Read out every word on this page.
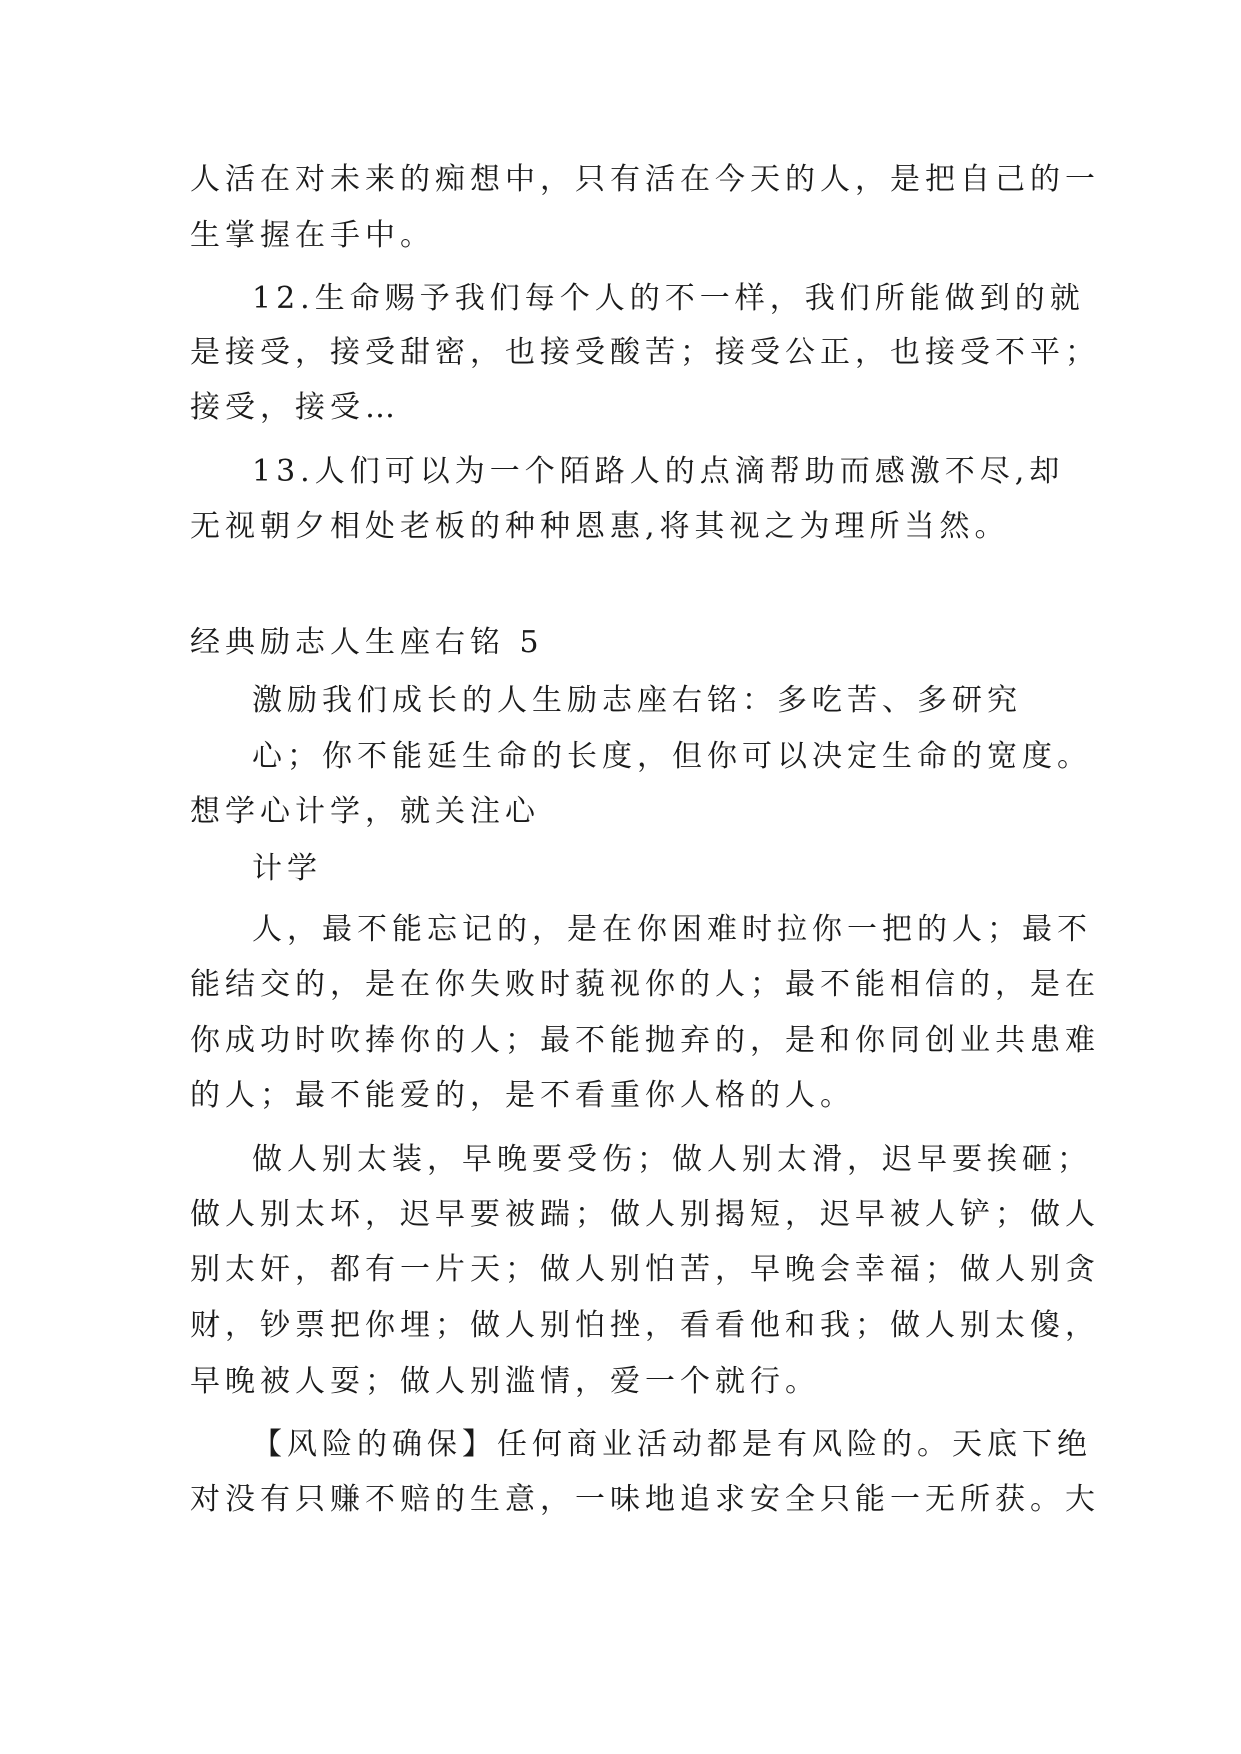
人活在对未来的痴想中，只有活在今天的人，是把自己的一
生掌握在手中。
12.生命赐予我们每个人的不一样，我们所能做到的就
是接受，接受甜密，也接受酸苦；接受公正，也接受不平；
接受，接受…
13.人们可以为一个陌路人的点滴帮助而感激不尽,却
无视朝夕相处老板的种种恩惠,将其视之为理所当然。
经典励志人生座右铭 5
激励我们成长的人生励志座右铭：多吃苦、多研究
心；你不能延生命的长度，但你可以决定生命的宽度。
想学心计学，就关注心
计学
人，最不能忘记的，是在你困难时拉你一把的人；最不
能结交的，是在你失败时藐视你的人；最不能相信的，是在
你成功时吹捧你的人；最不能抛弃的，是和你同创业共患难
的人；最不能爱的，是不看重你人格的人。
做人别太装，早晚要受伤；做人别太滑，迟早要挨砸；
做人别太坏，迟早要被踹；做人别揭短，迟早被人铲；做人
别太奸，都有一片天；做人别怕苦，早晚会幸福；做人别贪
财，钞票把你埋；做人别怕挫，看看他和我；做人别太傻，
早晚被人耍；做人别滥情，爱一个就行。
【风险的确保】任何商业活动都是有风险的。天底下绝
对没有只赚不赔的生意，一味地追求安全只能一无所获。大
